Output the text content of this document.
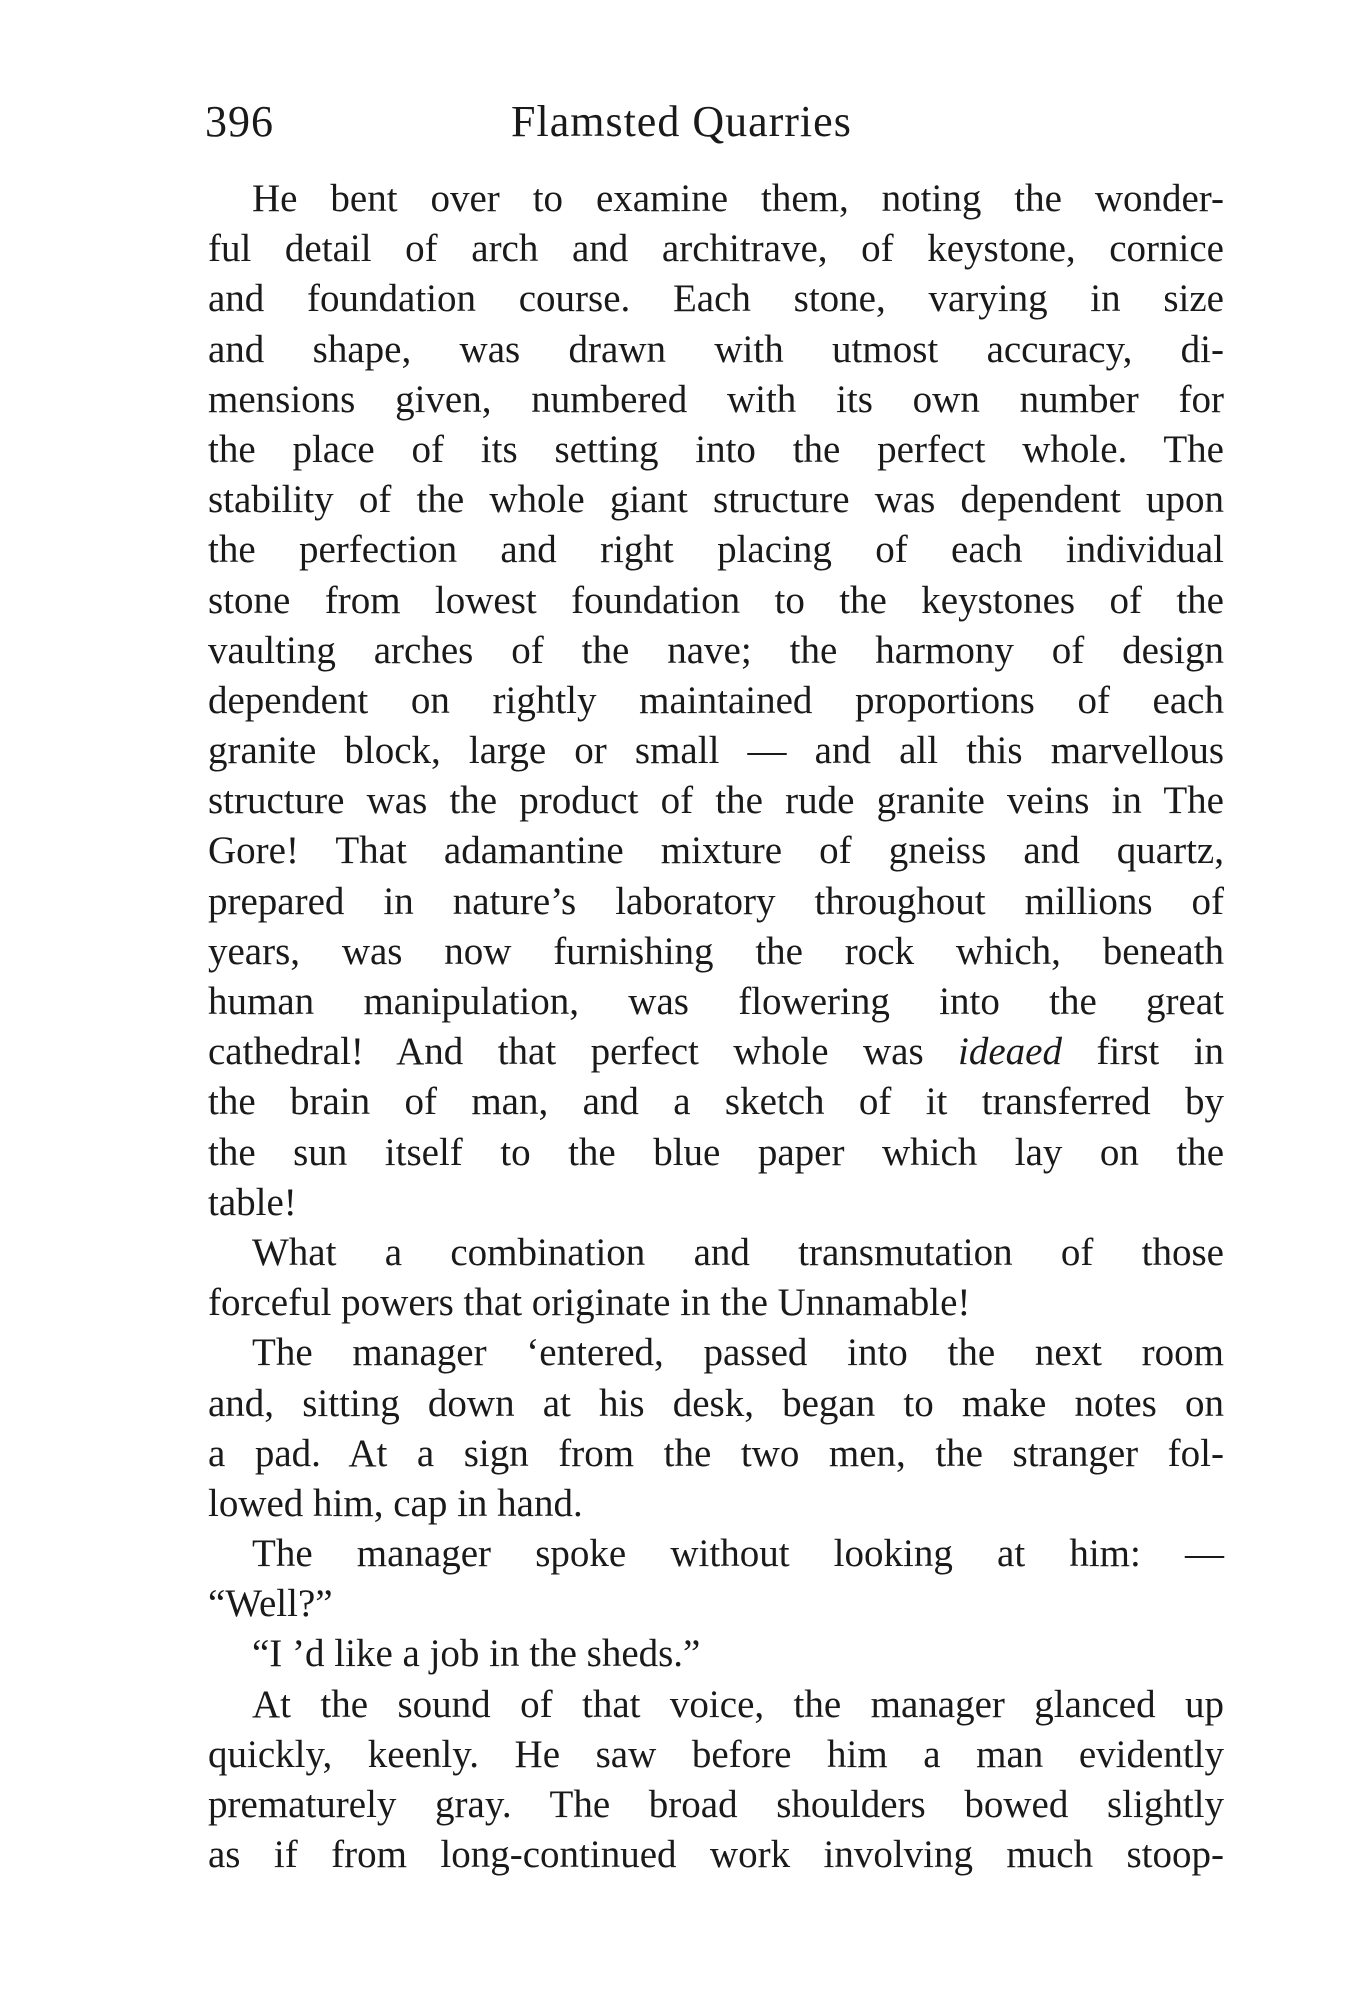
396	Flamsted Quarries
He bent over to examine them, noting the wonder-
ful detail of arch and architrave, of keystone, cornice
and foundation course. Each stone, varying in size
and shape, was drawn with utmost accuracy, di-
mensions given, numbered with its own number for
the place of its setting into the perfect whole. The
stability of the whole giant structure was dependent upon
the perfection and right placing of each individual
stone from lowest foundation to the keystones of the
vaulting arches of the nave; the harmony of design
dependent on rightly maintained proportions of each
granite block, large or small — and all this marvellous
structure was the product of the rude granite veins in The
Gore! That adamantine mixture of gneiss and quartz,
prepared in nature’s laboratory throughout millions of
years, was now furnishing the rock which, beneath
human manipulation, was flowering into the great
cathedral! And that perfect whole was ideaed first in
the brain of man, and a sketch of it transferred by
the sun itself to the blue paper which lay on the
table!
What a combination and transmutation of those
forceful powers that originate in the Unnamable!
The manager ‘entered, passed into the next room
and, sitting down at his desk, began to make notes on
a pad. At a sign from the two men, the stranger fol-
lowed him, cap in hand.
The manager spoke without looking at him: —
“Well?”
“I ’d like a job in the sheds.”
At the sound of that voice, the manager glanced up
quickly, keenly. He saw before him a man evidently
prematurely gray. The broad shoulders bowed slightly
as if from long-continued work involving much stoop-
